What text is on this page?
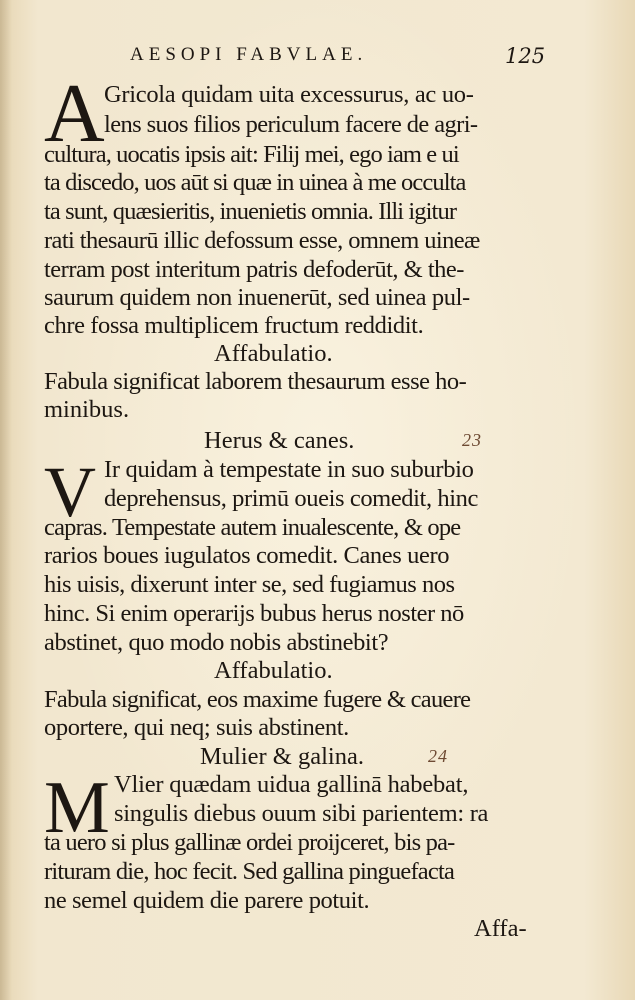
AESOPI FABVLAE.	125
A Gricola quidam uita excessurus, ac uo-
lens suos filios periculum facere de agri-
cultura, uocatis ipsis ait: Filij mei, ego iam e ui
ta discedo, uos aūt si quæ in uinea à me occulta
ta sunt, quæsieritis, inuenietis omnia. Illi igitur
rati thesaurū illic defossum esse, omnem uineæ
terram post interitum patris defoderūt, & the-
saurum quidem non inuenerūt, sed uinea pul-
chre fossa multiplicem fructum reddidit.
Affabulatio.
Fabula significat laborem thesaurum esse ho-
minibus.
Herus & canes.	23
V Ir quidam à tempestate in suo suburbio
deprehensus, primū oueis comedit, hinc
capras. Tempestate autem inualescente, & ope
rarios boues iugulatos comedit. Canes uero
his uisis, dixerunt inter se, sed fugiamus nos
hinc. Si enim operarijs bubus herus noster nō
abstinet, quo modo nobis abstinebit?
Affabulatio.
Fabula significat, eos maxime fugere & cauere
oportere, qui neq; suis abstinent.
Mulier & galina.	24
M Vlier quædam uidua gallinā habebat,
singulis diebus ouum sibi parientem: ra
ta uero si plus gallinæ ordei proijceret, bis pa-
rituram die, hoc fecit. Sed gallina pinguefacta
ne semel quidem die parere potuit.
Affa-
